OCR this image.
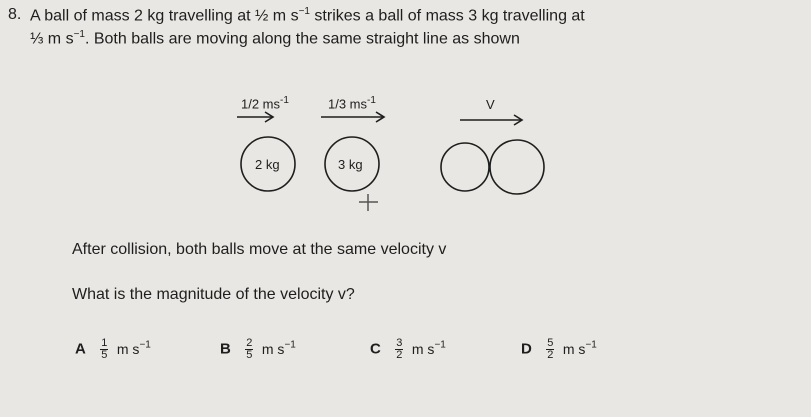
8. A ball of mass 2 kg travelling at ½ m $s^{-1}$ strikes a ball of mass 3 kg travelling at
⅓ m $s^{-1}$. Both balls are moving along the same straight line as shown
1/2 $ms^{-1}$	1/3 $ms^{-1}$	V
2 kg	3 kg
After collision, both balls move at the same velocity v
What is the magnitude of the velocity v?
A $\frac{1}{5}$ m $s^{-1}$	B $\frac{2}{5}$ m $s^{-1}$	C $\frac{3}{2}$ m $s^{-1}$	D $\frac{5}{2}$ m $s^{-1}$
